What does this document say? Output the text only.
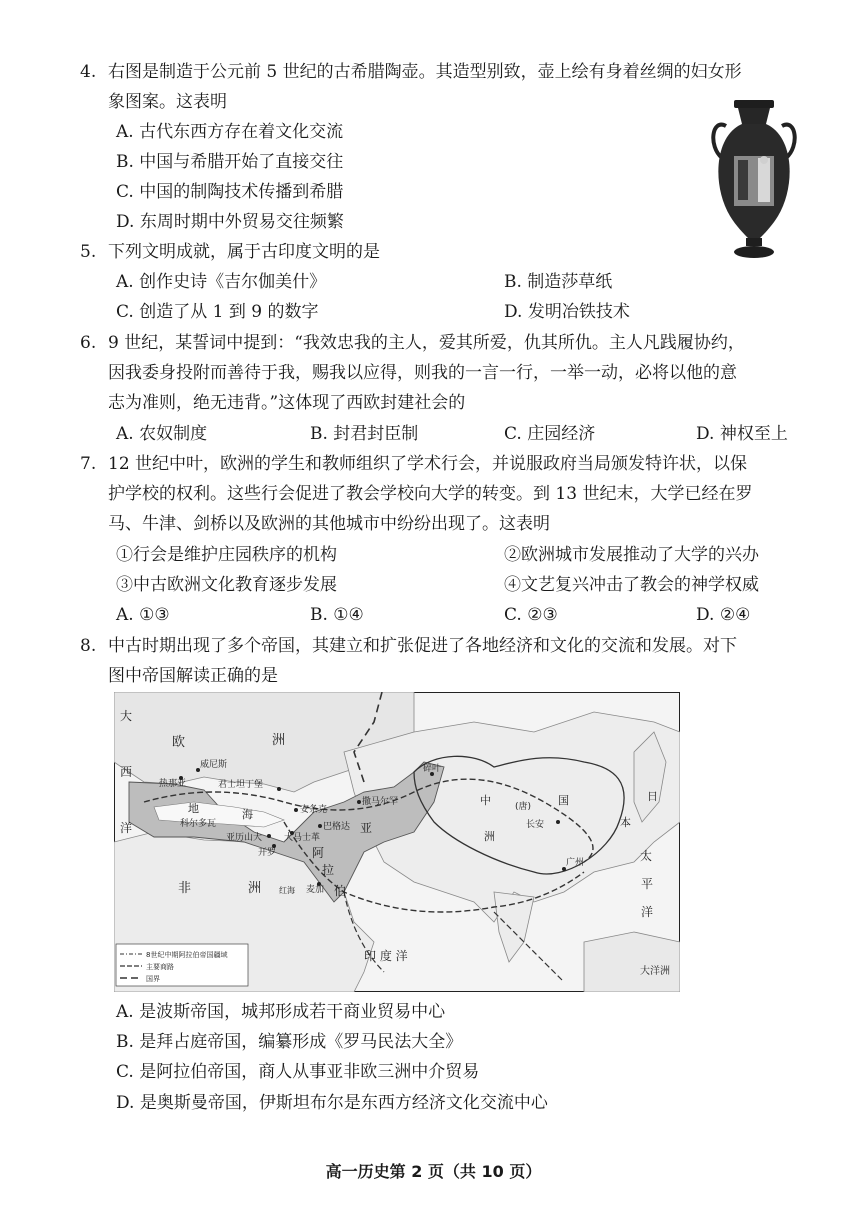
4. 右图是制造于公元前 5 世纪的古希腊陶壶。其造型别致，壶上绘有身着丝绸的妇女形
象图案。这表明
A. 古代东西方存在着文化交流
B. 中国与希腊开始了直接交往
C. 中国的制陶技术传播到希腊
D. 东周时期中外贸易交往频繁
5. 下列文明成就，属于古印度文明的是
A. 创作史诗《吉尔伽美什》	B. 制造莎草纸
C. 创造了从 1 到 9 的数字	D. 发明冶铁技术
6. 9 世纪，某誓词中提到：“我效忠我的主人，爱其所爱，仇其所仇。主人凡践履协约，
因我委身投附而善待于我，赐我以应得，则我的一言一行，一举一动，必将以他的意
志为准则，绝无违背。”这体现了西欧封建社会的
A. 农奴制度	B. 封君封臣制	C. 庄园经济	D. 神权至上
7. 12 世纪中叶，欧洲的学生和教师组织了学术行会，并说服政府当局颁发特许状，以保
护学校的权利。这些行会促进了教会学校向大学的转变。到 13 世纪末，大学已经在罗
马、牛津、剑桥以及欧洲的其他城市中纷纷出现了。这表明
①行会是维护庄园秩序的机构	②欧洲城市发展推动了大学的兴办
③中古欧洲文化教育逐步发展	④文艺复兴冲击了教会的神学权威
A. ①③	B. ①④	C. ②③	D. ②④
8. 中古时期出现了多个帝国，其建立和扩张促进了各地经济和文化的交流和发展。对下
图中帝国解读正确的是
大
西
洋
欧	洲
威尼斯
热那亚	君士坦丁堡
科尔多瓦
安条克
巴格达
亚历山大
开罗
大马士革
撒马尔罕
碎叶
中	(唐) 国
洲
长安
广州
亚
阿
拉
伯
麦加
非	洲 红海
日
本
太
平
洋
印 度 洋
大洋洲
地	海
8世纪中期阿拉伯帝国疆域
主要商路
国界
A. 是波斯帝国，城邦形成若干商业贸易中心
B. 是拜占庭帝国，编纂形成《罗马民法大全》
C. 是阿拉伯帝国，商人从事亚非欧三洲中介贸易
D. 是奥斯曼帝国，伊斯坦布尔是东西方经济文化交流中心
高一历史第 2 页（共 10 页）
